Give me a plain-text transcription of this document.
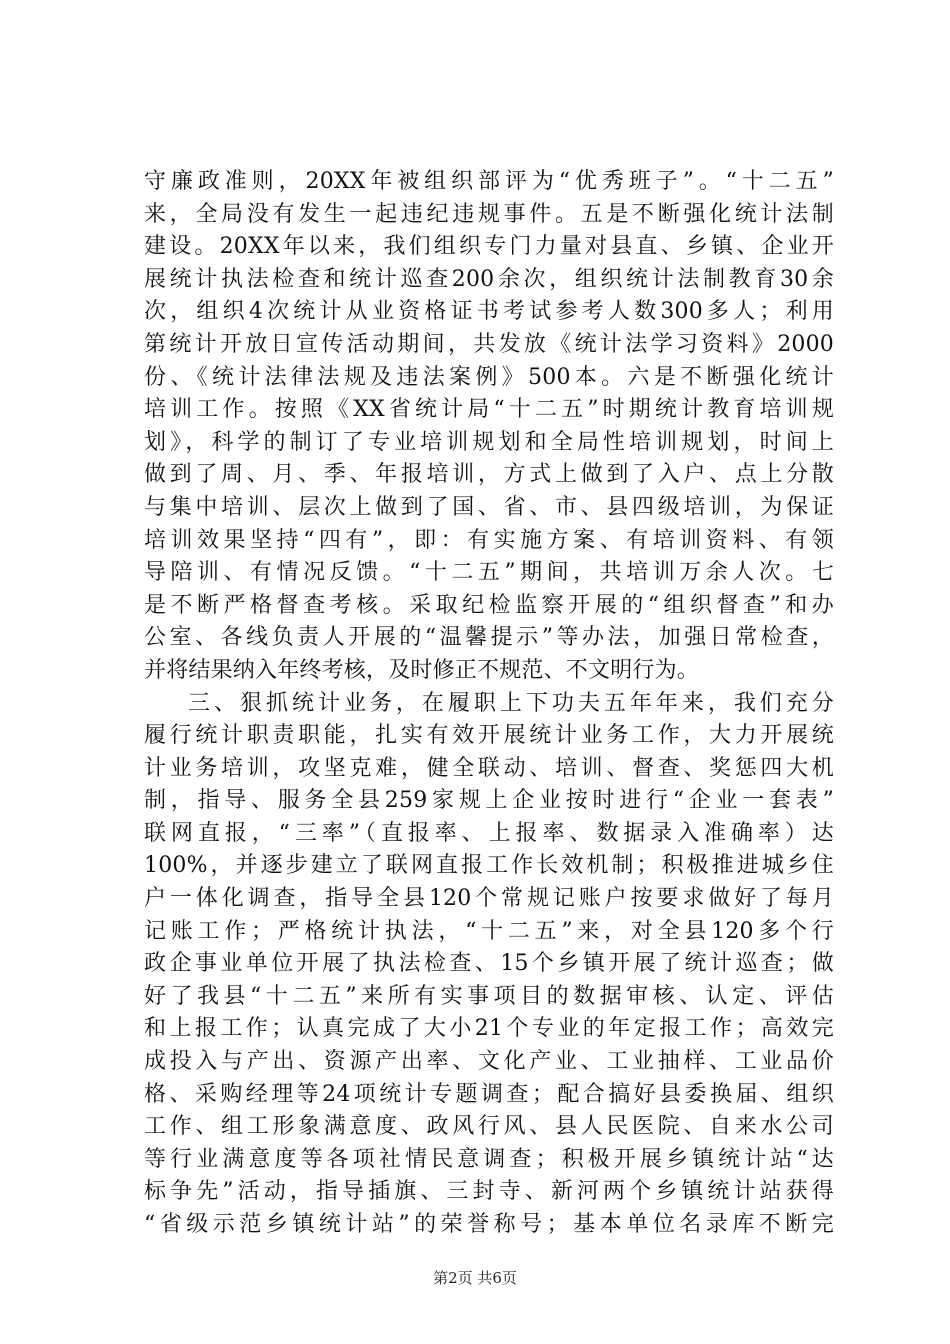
守廉政准则，20XX年被组织部评为“优秀班子”。“十二五”
来，全局没有发生一起违纪违规事件。五是不断强化统计法制
建设。20XX年以来，我们组织专门力量对县直、乡镇、企业开
展统计执法检查和统计巡查200余次，组织统计法制教育30余
次，组织4次统计从业资格证书考试参考人数300多人；利用
第统计开放日宣传活动期间，共发放《统计法学习资料》2000
份、《统计法律法规及违法案例》500本。六是不断强化统计
培训工作。按照《XX省统计局“十二五”时期统计教育培训规
划》，科学的制订了专业培训规划和全局性培训规划，时间上
做到了周、月、季、年报培训，方式上做到了入户、点上分散
与集中培训、层次上做到了国、省、市、县四级培训，为保证
培训效果坚持“四有”，即：有实施方案、有培训资料、有领
导陪训、有情况反馈。“十二五”期间，共培训万余人次。七
是不断严格督查考核。采取纪检监察开展的“组织督查”和办
公室、各线负责人开展的“温馨提示”等办法，加强日常检查，
并将结果纳入年终考核，及时修正不规范、不文明行为。
三、狠抓统计业务，在履职上下功夫五年年来，我们充分
履行统计职责职能，扎实有效开展统计业务工作，大力开展统
计业务培训，攻坚克难，健全联动、培训、督查、奖惩四大机
制，指导、服务全县259家规上企业按时进行“企业一套表”
联网直报，“三率”（直报率、上报率、数据录入准确率）达
100%，并逐步建立了联网直报工作长效机制；积极推进城乡住
户一体化调查，指导全县120个常规记账户按要求做好了每月
记账工作；严格统计执法，“十二五”来，对全县120多个行
政企事业单位开展了执法检查、15个乡镇开展了统计巡查；做
好了我县“十二五”来所有实事项目的数据审核、认定、评估
和上报工作；认真完成了大小21个专业的年定报工作；高效完
成投入与产出、资源产出率、文化产业、工业抽样、工业品价
格、采购经理等24项统计专题调查；配合搞好县委换届、组织
工作、组工形象满意度、政风行风、县人民医院、自来水公司
等行业满意度等各项社情民意调查；积极开展乡镇统计站“达
标争先”活动，指导插旗、三封寺、新河两个乡镇统计站获得
“省级示范乡镇统计站”的荣誉称号；基本单位名录库不断完
第2页 共6页
